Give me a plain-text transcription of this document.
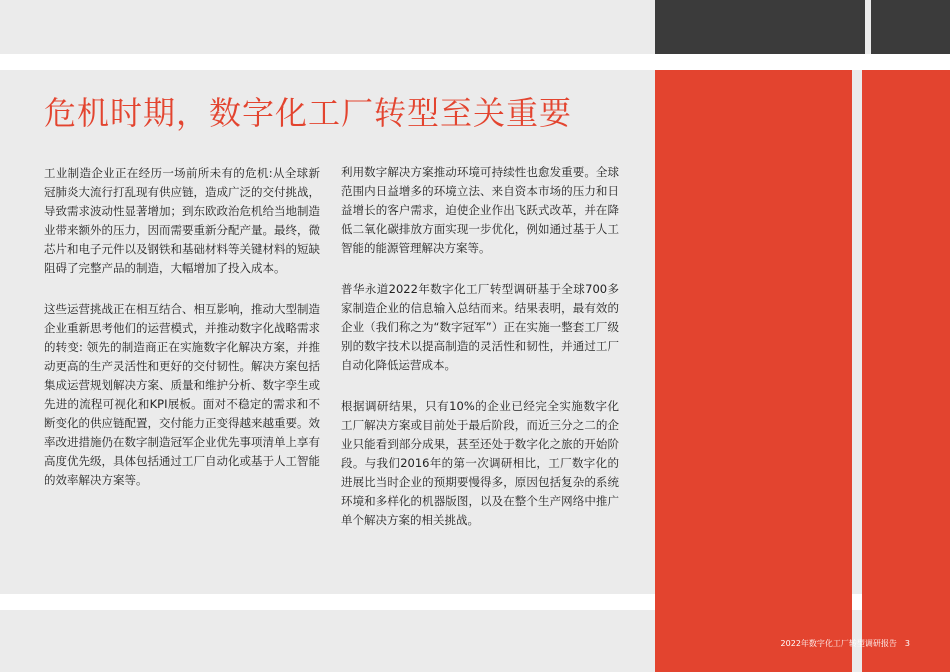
危机时期，数字化工厂转型至关重要

工业制造企业正在经历一场前所未有的危机:从全球新冠肺炎大流行打乱现有供应链，造成广泛的交付挑战，导致需求波动性显著增加；到东欧政治危机给当地制造业带来额外的压力，因而需要重新分配产量。最终，微芯片和电子元件以及钢铁和基础材料等关键材料的短缺阻碍了完整产品的制造，大幅增加了投入成本。

这些运营挑战正在相互结合、相互影响，推动大型制造企业重新思考他们的运营模式，并推动数字化战略需求的转变: 领先的制造商正在实施数字化解决方案，并推动更高的生产灵活性和更好的交付韧性。解决方案包括集成运营规划解决方案、质量和维护分析、数字孪生或先进的流程可视化和KPI展板。面对不稳定的需求和不断变化的供应链配置，交付能力正变得越来越重要。效率改进措施仍在数字制造冠军企业优先事项清单上享有高度优先级，具体包括通过工厂自动化或基于人工智能的效率解决方案等。

利用数字解决方案推动环境可持续性也愈发重要。全球范围内日益增多的环境立法、来自资本市场的压力和日益增长的客户需求，迫使企业作出飞跃式改革，并在降低二氧化碳排放方面实现一步优化，例如通过基于人工智能的能源管理解决方案等。

普华永道2022年数字化工厂转型调研基于全球700多家制造企业的信息输入总结而来。结果表明，最有效的企业（我们称之为“数字冠军”）正在实施一整套工厂级别的数字技术以提高制造的灵活性和韧性，并通过工厂自动化降低运营成本。

根据调研结果，只有10%的企业已经完全实施数字化工厂解决方案或目前处于最后阶段，而近三分之二的企业只能看到部分成果，甚至还处于数字化之旅的开始阶段。与我们2016年的第一次调研相比，工厂数字化的进展比当时企业的预期要慢得多，原因包括复杂的系统环境和多样化的机器版图，以及在整个生产网络中推广单个解决方案的相关挑战。

2022年数字化工厂转型调研报告 3
